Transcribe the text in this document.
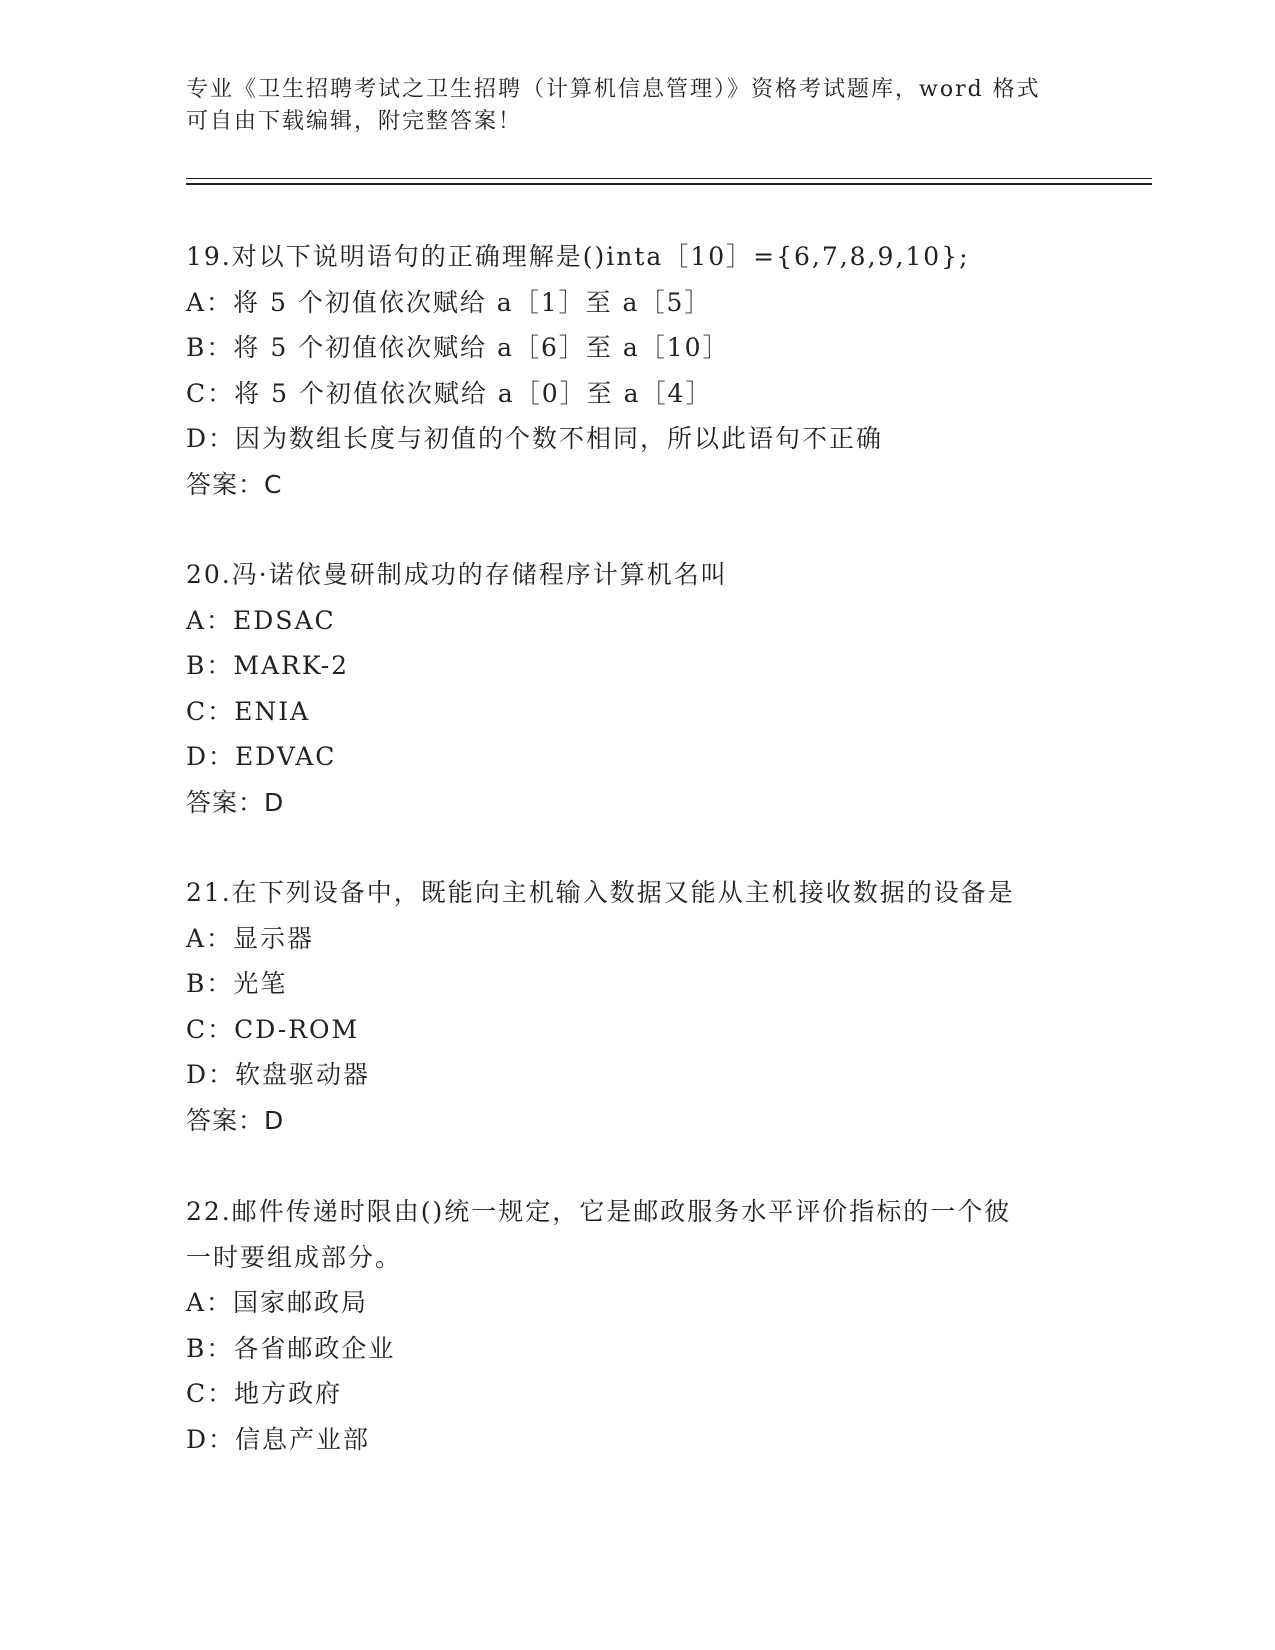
专业《卫生招聘考试之卫生招聘（计算机信息管理）》资格考试题库，word 格式

可自由下载编辑，附完整答案！

19.对以下说明语句的正确理解是()inta［10］={6,7,8,9,10};
A：将 5 个初值依次赋给 a［1］至 a［5］
B：将 5 个初值依次赋给 a［6］至 a［10］
C：将 5 个初值依次赋给 a［0］至 a［4］
D：因为数组长度与初值的个数不相同，所以此语句不正确
答案：C
20.冯·诺依曼研制成功的存储程序计算机名叫
A：EDSAC
B：MARK-2
C：ENIA
D：EDVAC
答案：D
21.在下列设备中，既能向主机输入数据又能从主机接收数据的设备是
A：显示器
B：光笔
C：CD-ROM
D：软盘驱动器
答案：D
22.邮件传递时限由()统一规定，它是邮政服务水平评价指标的一个彼
一时要组成部分。
A：国家邮政局
B：各省邮政企业
C：地方政府
D：信息产业部
